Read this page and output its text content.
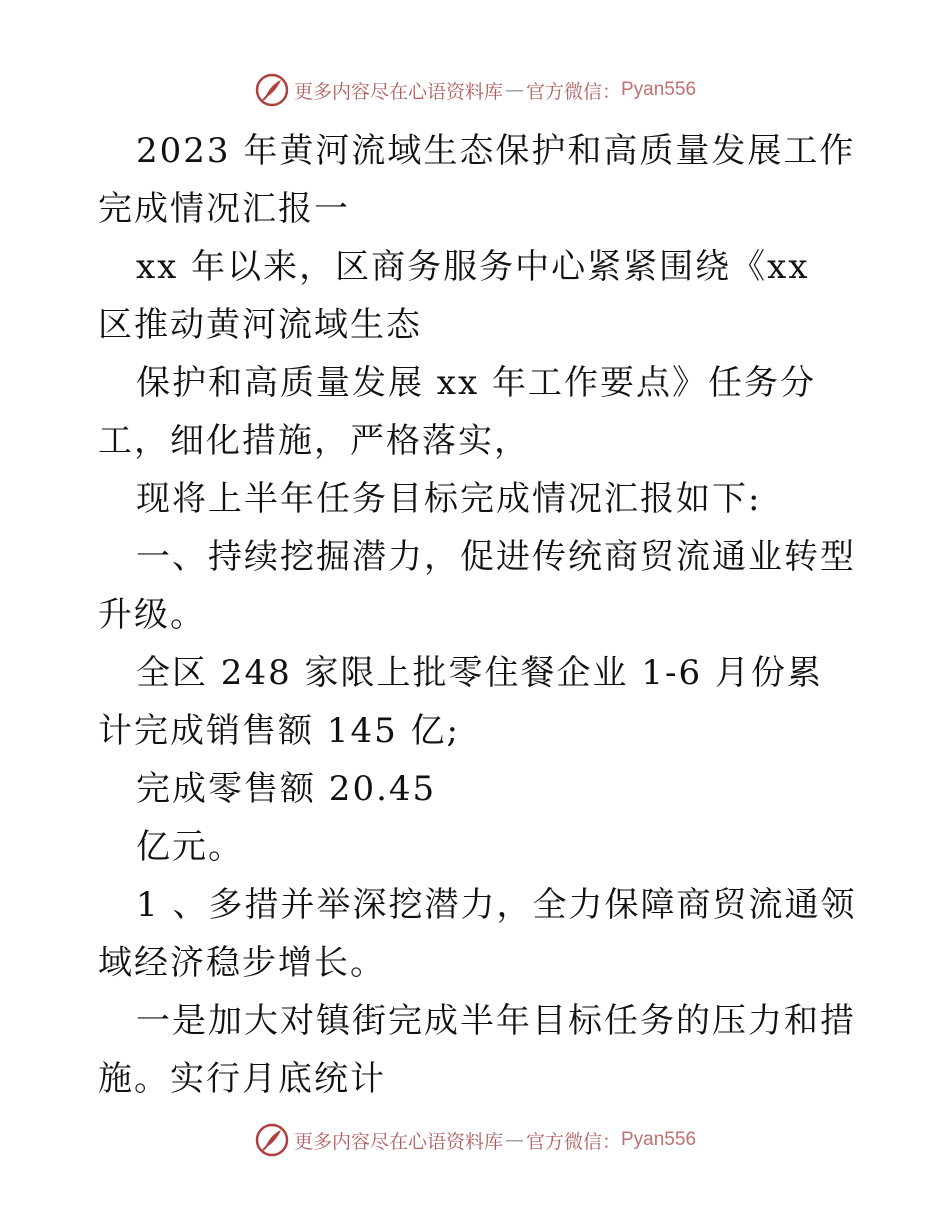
更多内容尽在心语资料库 — 官方微信： Pyan556

2023 年黄河流域生态保护和高质量发展工作完成情况汇报一

xx 年以来，区商务服务中心紧紧围绕《xx 区推动黄河流域生态

保护和高质量发展 xx 年工作要点》任务分工，细化措施，严格落实，

现将上半年任务目标完成情况汇报如下:

一、持续挖掘潜力，促进传统商贸流通业转型升级。

全区 248 家限上批零住餐企业 1-6 月份累计完成销售额 145 亿;

完成零售额 20.45

亿元。

1 、多措并举深挖潜力，全力保障商贸流通领域经济稳步增长。

一是加大对镇街完成半年目标任务的压力和措施。实行月底统计

更多内容尽在心语资料库 — 官方微信： Pyan556
